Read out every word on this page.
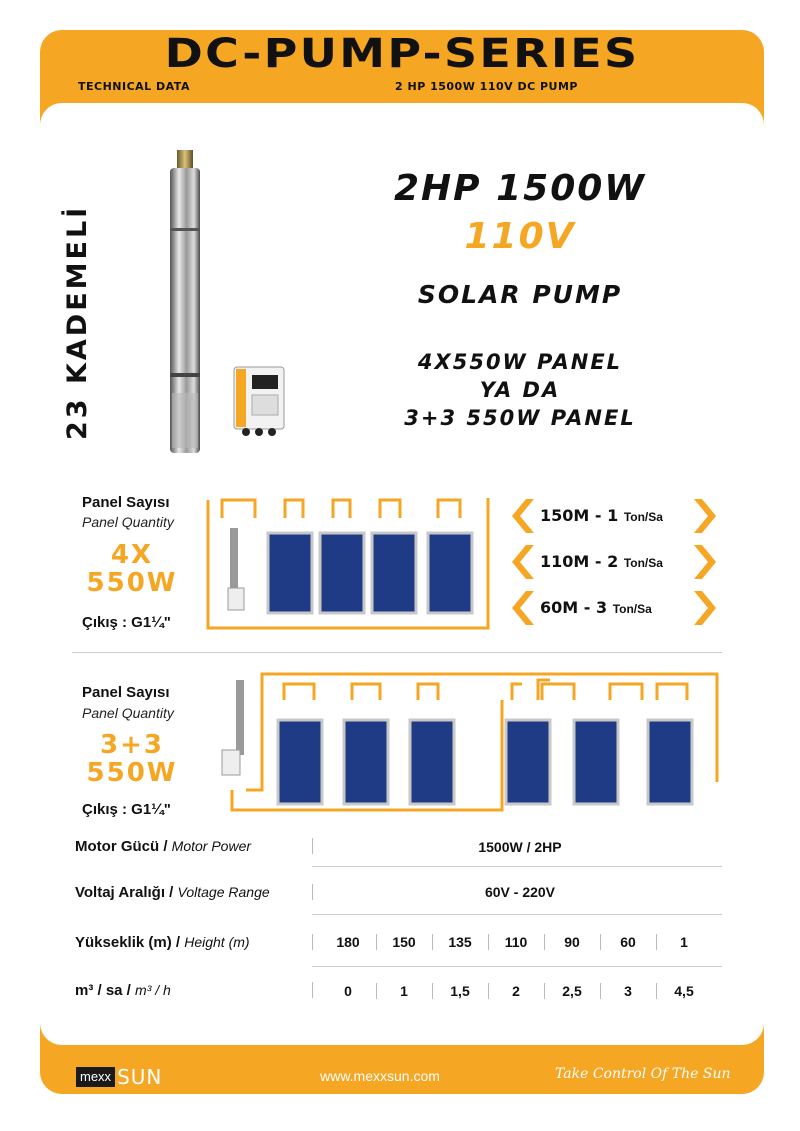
DC-PUMP-SERIES
TECHNICAL DATA	2 HP 1500W 110V DC PUMP
23 KADEMELİ
2HP 1500W
110V
SOLAR PUMP
4X550W PANEL
YA DA
3+3 550W PANEL
Panel Sayısı
Panel Quantity
4X
550W
Çıkış : G1¼"
150M - 1 Ton/Sa
110M - 2 Ton/Sa
60M - 3 Ton/Sa
Panel Sayısı
Panel Quantity
3+3
550W
Çıkış : G1¼"
Motor Gücü / Motor Power	1500W / 2HP
Voltaj Aralığı / Voltage Range	60V - 220V
Yükseklik (m) / Height (m)	180	150	135	110	90	60	1
m³ / sa / m³ / h	0	1	1,5	2	2,5	3	4,5
mexx SUN	www.mexxsun.com	Take Control Of The Sun
